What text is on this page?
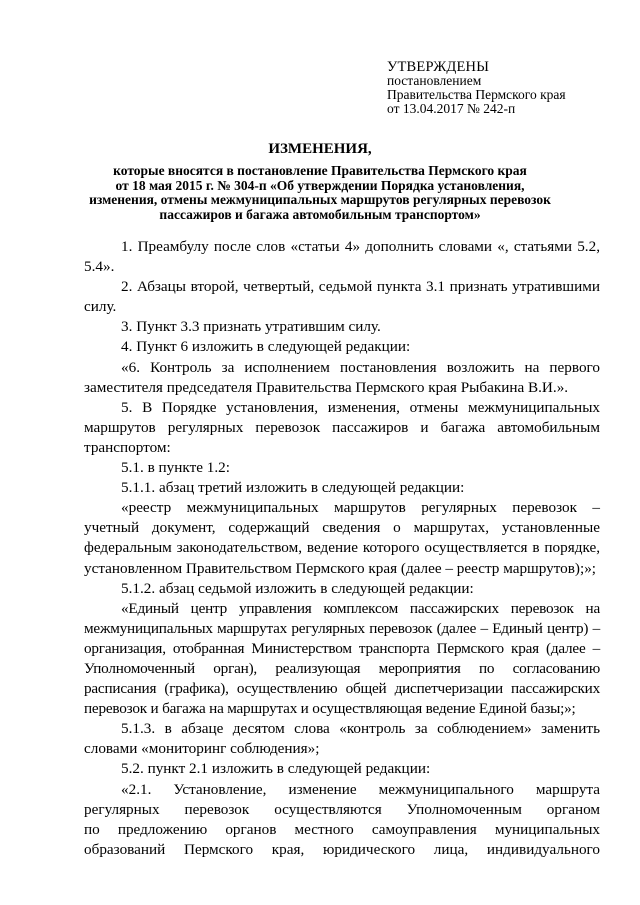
УТВЕРЖДЕНЫ
постановлением
Правительства Пермского края
от 13.04.2017 № 242-п
ИЗМЕНЕНИЯ,
которые вносятся в постановление Правительства Пермского края
от 18 мая 2015 г. № 304-п «Об утверждении Порядка установления,
изменения, отмены межмуниципальных маршрутов регулярных перевозок
пассажиров и багажа автомобильным транспортом»
1. Преамбулу после слов «статьи 4» дополнить словами «, статьями 5.2, 5.4».
2. Абзацы второй, четвертый, седьмой пункта 3.1 признать утратившими силу.
3. Пункт 3.3 признать утратившим силу.
4. Пункт 6 изложить в следующей редакции:
«6. Контроль за исполнением постановления возложить на первого заместителя председателя Правительства Пермского края Рыбакина В.И.».
5. В Порядке установления, изменения, отмены межмуниципальных маршрутов регулярных перевозок пассажиров и багажа автомобильным транспортом:
5.1. в пункте 1.2:
5.1.1. абзац третий изложить в следующей редакции:
«реестр межмуниципальных маршрутов регулярных перевозок – учетный документ, содержащий сведения о маршрутах, установленные федеральным законодательством, ведение которого осуществляется в порядке, установленном Правительством Пермского края (далее – реестр маршрутов);»;
5.1.2. абзац седьмой изложить в следующей редакции:
«Единый центр управления комплексом пассажирских перевозок на межмуниципальных маршрутах регулярных перевозок (далее – Единый центр) – организация, отобранная Министерством транспорта Пермского края (далее – Уполномоченный орган), реализующая мероприятия по согласованию расписания (графика), осуществлению общей диспетчеризации пассажирских перевозок и багажа на маршрутах и осуществляющая ведение Единой базы;»;
5.1.3. в абзаце десятом слова «контроль за соблюдением» заменить словами «мониторинг соблюдения»;
5.2. пункт 2.1 изложить в следующей редакции:
«2.1. Установление, изменение межмуниципального маршрута
регулярных перевозок осуществляются Уполномоченным органом
по предложению органов местного самоуправления муниципальных
образований Пермского края, юридического лица, индивидуального
